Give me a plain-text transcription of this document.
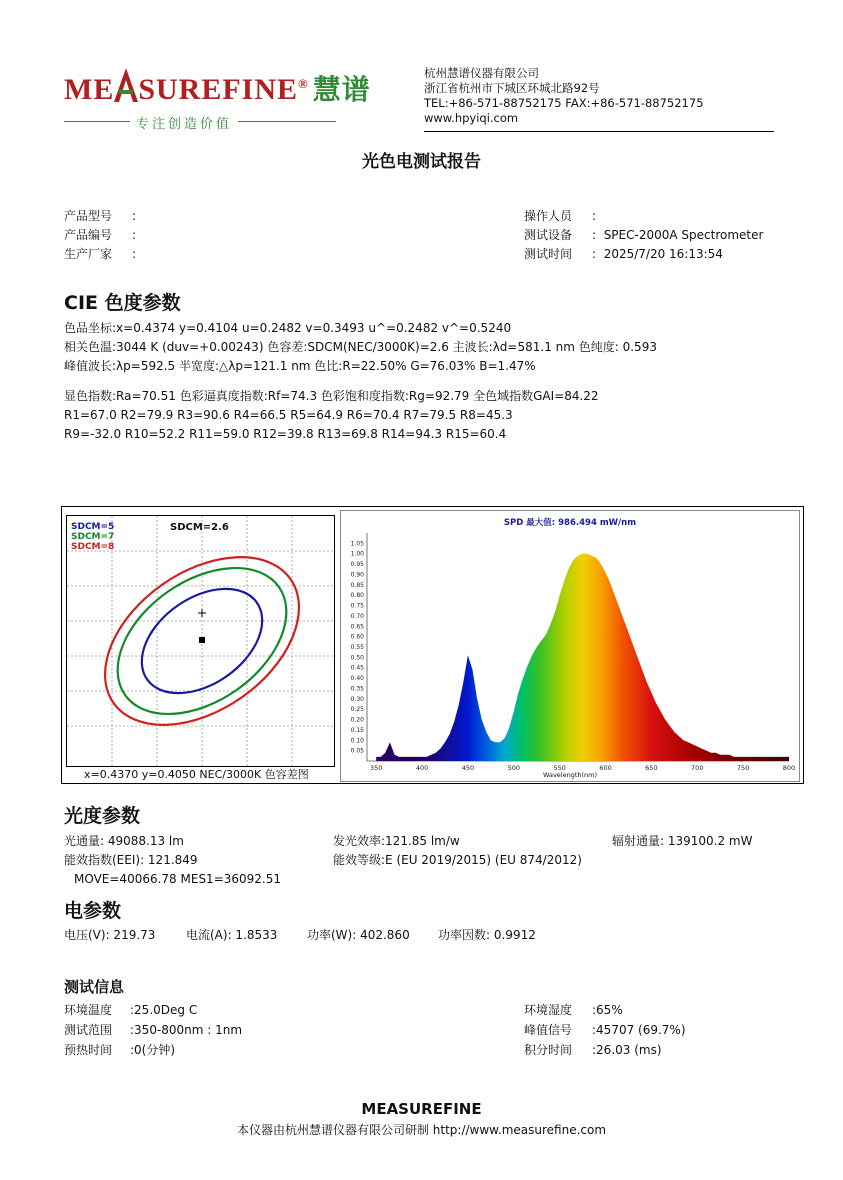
ME SUREFINE® 慧谱
专注创造价值
杭州慧谱仪器有限公司
浙江省杭州市下城区环城北路92号
TEL:+86-571-88752175 FAX:+86-571-88752175
www.hpyiqi.com
光色电测试报告
产品型号 :
产品编号 :
生产厂家 :
操作人员 :
测试设备 : SPEC-2000A Spectrometer
测试时间 : 2025/7/20 16:13:54
CIE 色度参数
色品坐标:x=0.4374 y=0.4104 u=0.2482 v=0.3493 u^=0.2482 v^=0.5240
相关色温:3044 K (duv=+0.00243) 色容差:SDCM(NEC/3000K)=2.6 主波长:λd=581.1 nm 色纯度: 0.593
峰值波长:λp=592.5 半宽度:△λp=121.1 nm 色比:R=22.50% G=76.03% B=1.47%
显色指数:Ra=70.51 色彩逼真度指数:Rf=74.3 色彩饱和度指数:Rg=92.79 全色域指数GAI=84.22
R1=67.0 R2=79.9 R3=90.6 R4=66.5 R5=64.9 R6=70.4 R7=79.5 R8=45.3
R9=-32.0 R10=52.2 R11=59.0 R12=39.8 R13=69.8 R14=94.3 R15=60.4
SDCM=5
SDCM=7
SDCM=8
SDCM=2.6
x=0.4370 y=0.4050 NEC/3000K 色容差图	350	400	450	500	550	600	650	700	750	800
0.05
0.10
0.15
0.20
0.25
0.30
0.35
0.40
0.45
0.50
0.55
0.60
0.65
0.70
0.75
0.80
0.85
0.90
0.95
1.00
1.05
SPD 最大值: 986.494 mW/nm
Wavelength(nm)
光度参数
光通量: 49088.13 lm	发光效率:121.85 lm/w	辐射通量: 139100.2 mW
能效指数(EEI): 121.849	能效等级:E (EU 2019/2015) (EU 874/2012)
MOVE=40066.78 MES1=36092.51
电参数
电压(V): 219.73	电流(A): 1.8533 功率(W): 402.860 功率因数: 0.9912
测试信息
环境温度 :25.0Deg C
测试范围 :350-800nm : 1nm
预热时间 :0(分钟)
环境湿度 :65%
峰值信号 :45707 (69.7%)
积分时间 :26.03 (ms)
MEASUREFINE
本仪器由杭州慧谱仪器有限公司研制 http://www.measurefine.com
